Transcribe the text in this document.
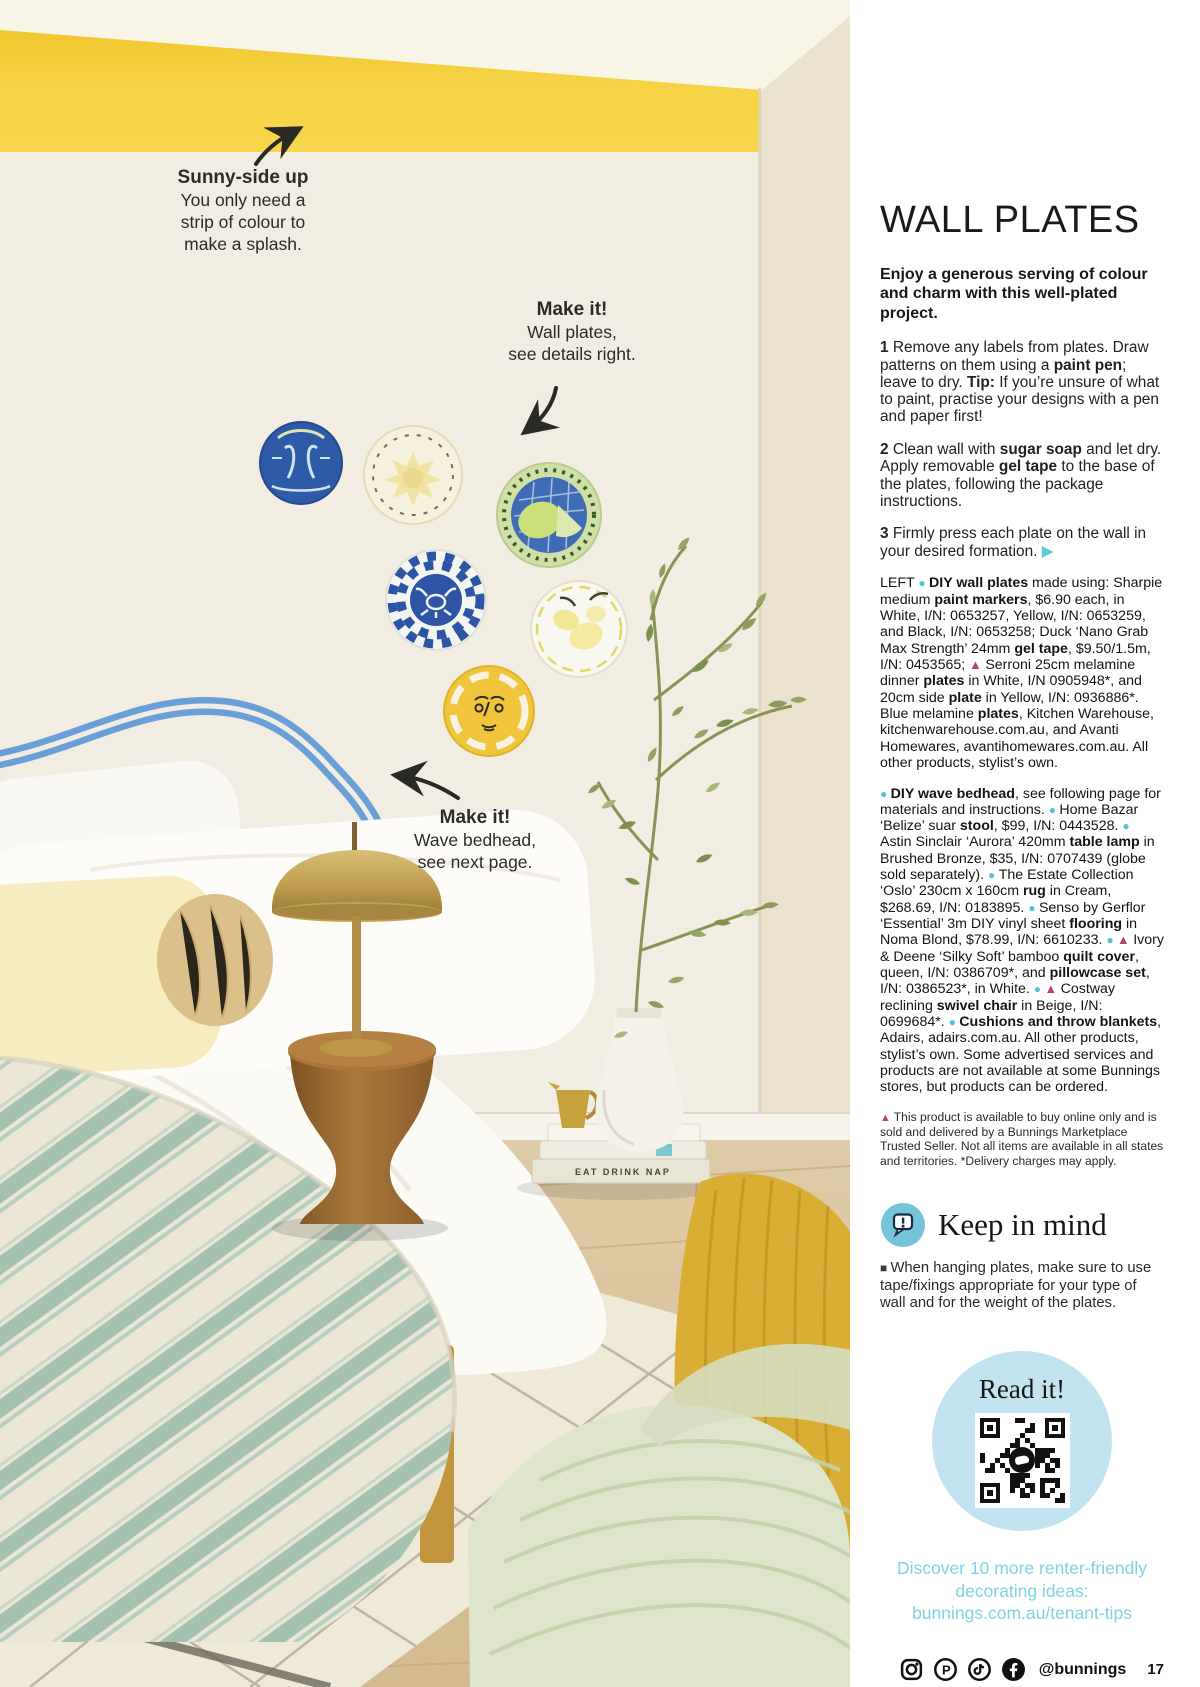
EAT DRINK NAP
Sunny-side up
You only need a
strip of colour to
make a splash.
Make it!
Wall plates,
see details right.
Make it!
Wave bedhead,
see next page.
WALL PLATES

Enjoy a generous serving of colour and charm with this well-plated project.

1 Remove any labels from plates. Draw patterns on them using a paint pen; leave to dry. Tip: If you’re unsure of what to paint, practise your designs with a pen and paper first!

2 Clean wall with sugar soap and let dry. Apply removable gel tape to the base of the plates, following the package instructions.

3 Firmly press each plate on the wall in your desired formation. ▶

LEFT ● DIY wall plates made using: Sharpie medium paint markers, $6.90 each, in White, I/N: 0653257, Yellow, I/N: 0653259, and Black, I/N: 0653258; Duck ‘Nano Grab Max Strength’ 24mm gel tape, $9.50/1.5m, I/N: 0453565; ▲ Serroni 25cm melamine dinner plates in White, I/N 0905948*, and 20cm side plate in Yellow, I/N: 0936886*. Blue melamine plates, Kitchen Warehouse, kitchenwarehouse.com.au, and Avanti Homewares, avantihomewares.com.au. All other products, stylist’s own.

● DIY wave bedhead, see following page for materials and instructions. ● Home Bazar ‘Belize’ suar stool, $99, I/N: 0443528. ● Astin Sinclair ‘Aurora’ 420mm table lamp in Brushed Bronze, $35, I/N: 0707439 (globe sold separately). ● The Estate Collection ‘Oslo’ 230cm x 160cm rug in Cream, $268.69, I/N: 0183895. ● Senso by Gerflor ‘Essential’ 3m DIY vinyl sheet flooring in Noma Blond, $78.99, I/N: 6610233. ● ▲ Ivory & Deene ‘Silky Soft’ bamboo quilt cover, queen, I/N: 0386709*, and pillowcase set, I/N: 0386523*, in White. ● ▲ Costway reclining swivel chair in Beige, I/N: 0699684*. ● Cushions and throw blankets, Adairs, adairs.com.au. All other products, stylist’s own. Some advertised services and products are not available at some Bunnings stores, but products can be ordered.

▲ This product is available to buy online only and is sold and delivered by a Bunnings Marketplace Trusted Seller. Not all items are available in all states and territories. *Delivery charges may apply.

Keep in mind

■ When hanging plates, make sure to use tape/fixings appropriate for your type of wall and for the weight of the plates.

Read it!
Discover 10 more renter-friendly
decorating ideas:
bunnings.com.au/tenant-tips
P	@bunnings 17
